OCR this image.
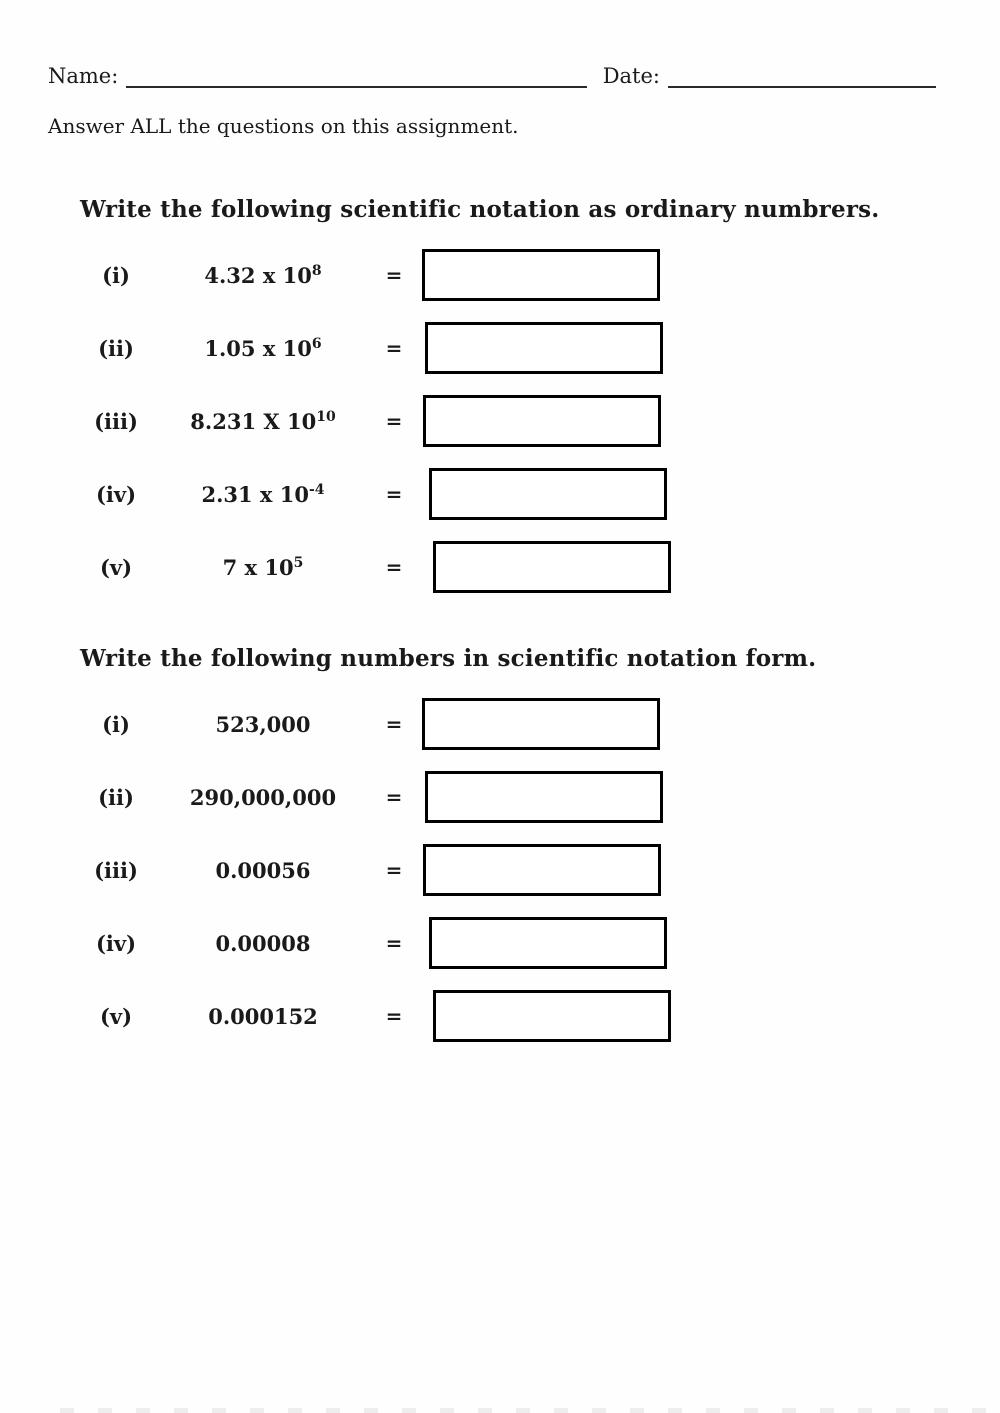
Name:	Date:
Answer ALL the questions on this assignment.
Write the following scientific notation as ordinary numbrers.
(i)	4.32 x $10^8$	=
(ii)	1.05 x $10^6$	=
(iii)	8.231 X $10^{10}$	=
(iv)	2.31 x $10^{-4}$	=
(v)	7 x $10^5$	=
Write the following numbers in scientific notation form.
(i)	523,000	=
(ii)	290,000,000	=
(iii)	0.00056	=
(iv)	0.00008	=
(v)	0.000152	=
